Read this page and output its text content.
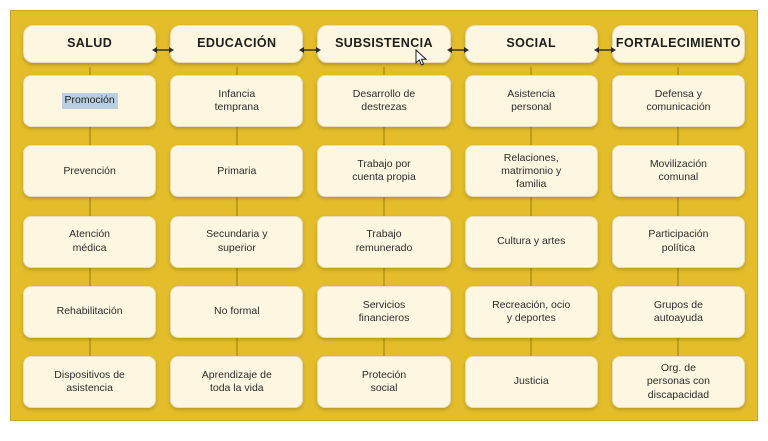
SALUD
Promoción
Prevención
Atención
médica
Rehabilitación
Dispositivos de
asistencia
EDUCACIÓN
Infancia
temprana
Primaria
Secundaria y
superior
No formal
Aprendizaje de
toda la vida
SUBSISTENCIA
Desarrollo de
destrezas
Trabajo por
cuenta propia
Trabajo
remunerado
Servicios
financieros
Proteción
social
SOCIAL
Asistencia
personal
Relaciones,
matrimonio y
familia
Cultura y artes
Recreación, ocio
y deportes
Justicia
FORTALECIMIENTO
Defensa y
comunicación
Movilización
comunal
Participación
política
Grupos de
autoayuda
Org. de
personas con
discapacidad
